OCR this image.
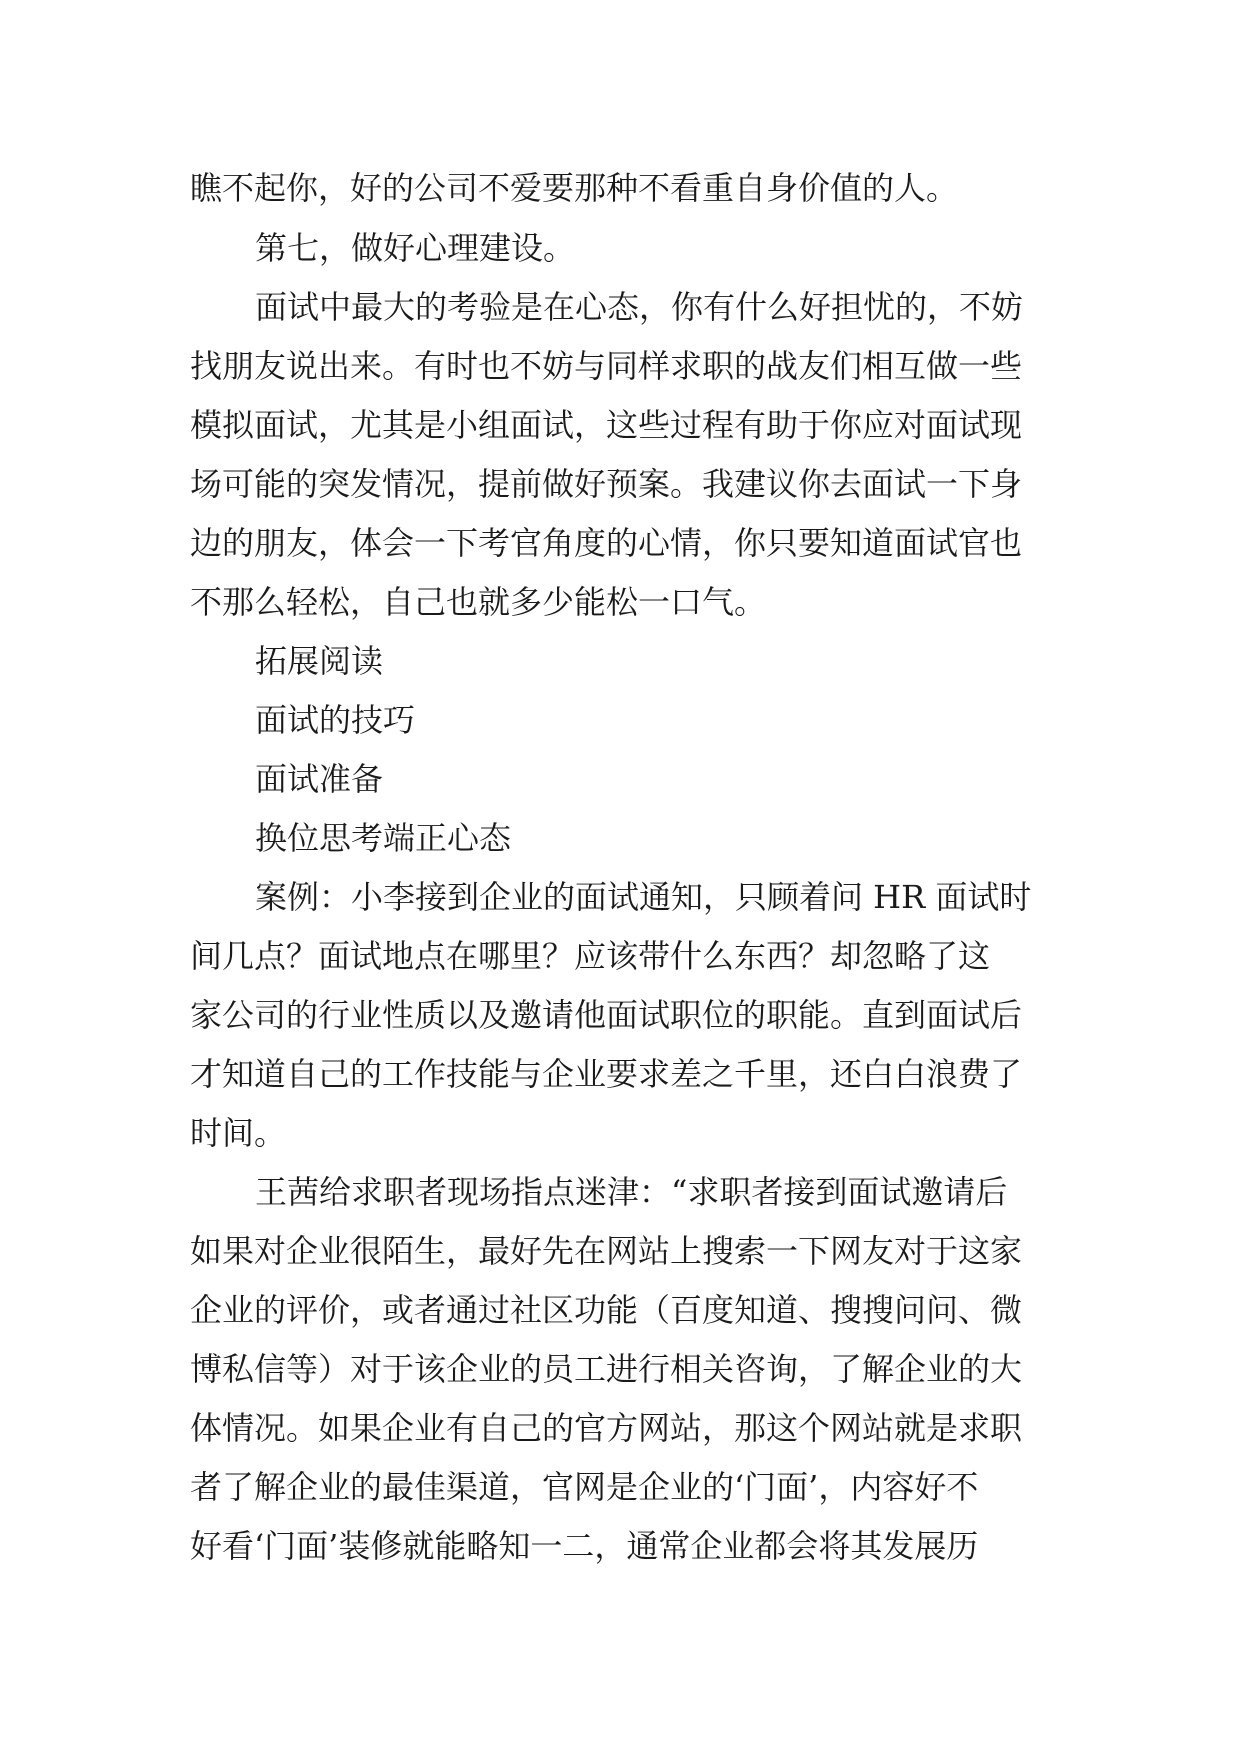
瞧不起你，好的公司不爱要那种不看重自身价值的人。
第七，做好心理建设。
面试中最大的考验是在心态，你有什么好担忧的，不妨
找朋友说出来。有时也不妨与同样求职的战友们相互做一些
模拟面试，尤其是小组面试，这些过程有助于你应对面试现
场可能的突发情况，提前做好预案。我建议你去面试一下身
边的朋友，体会一下考官角度的心情，你只要知道面试官也
不那么轻松，自己也就多少能松一口气。
拓展阅读
面试的技巧
面试准备
换位思考端正心态
案例：小李接到企业的面试通知，只顾着问 HR 面试时
间几点？面试地点在哪里？应该带什么东西？却忽略了这
家公司的行业性质以及邀请他面试职位的职能。直到面试后
才知道自己的工作技能与企业要求差之千里，还白白浪费了
时间。
王茜给求职者现场指点迷津：“求职者接到面试邀请后
如果对企业很陌生，最好先在网站上搜索一下网友对于这家
企业的评价，或者通过社区功能（百度知道、搜搜问问、微
博私信等）对于该企业的员工进行相关咨询，了解企业的大
体情况。如果企业有自己的官方网站，那这个网站就是求职
者了解企业的最佳渠道，官网是企业的‘门面’，内容好不
好看‘门面’装修就能略知一二，通常企业都会将其发展历
